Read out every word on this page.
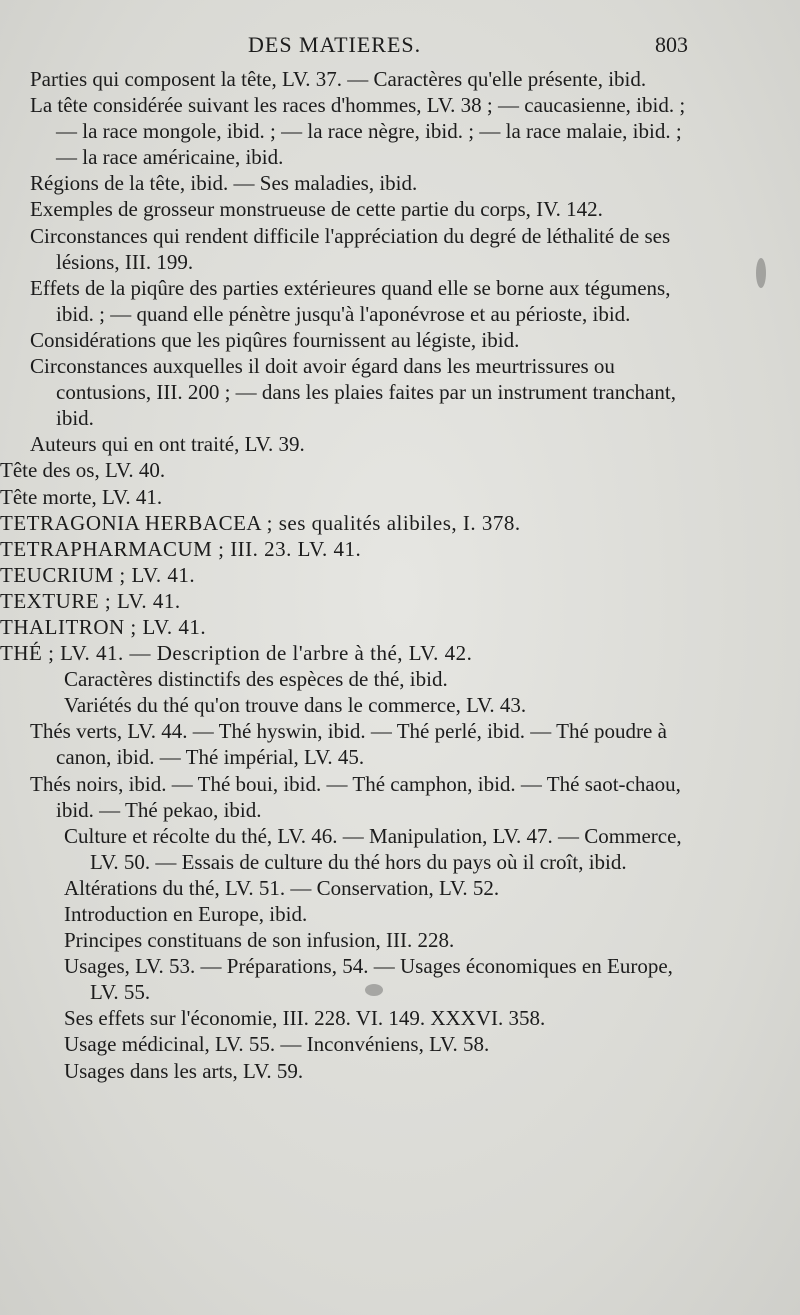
DES MATIERES.	803
Parties qui composent la tête, LV. 37. — Caractères qu'elle présente, ibid.
La tête considérée suivant les races d'hommes, LV. 38 ; — caucasienne, ibid. ; — la race mongole, ibid. ; — la race nègre, ibid. ; — la race malaie, ibid. ; — la race américaine, ibid.
Régions de la tête, ibid. — Ses maladies, ibid.
Exemples de grosseur monstrueuse de cette partie du corps, IV. 142.
Circonstances qui rendent difficile l'appréciation du degré de léthalité de ses lésions, III. 199.
Effets de la piqûre des parties extérieures quand elle se borne aux tégumens, ibid. ; — quand elle pénètre jusqu'à l'aponévrose et au périoste, ibid.
Considérations que les piqûres fournissent au légiste, ibid.
Circonstances auxquelles il doit avoir égard dans les meurtrissures ou contusions, III. 200 ; — dans les plaies faites par un instrument tranchant, ibid.
Auteurs qui en ont traité, LV. 39.
Tête des os, LV. 40.
Tête morte, LV. 41.
TETRAGONIA HERBACEA ; ses qualités alibiles, I. 378.
TETRAPHARMACUM ; III. 23. LV. 41.
TEUCRIUM ; LV. 41.
TEXTURE ; LV. 41.
THALITRON ; LV. 41.
THÉ ; LV. 41. — Description de l'arbre à thé, LV. 42.
Caractères distinctifs des espèces de thé, ibid.
Variétés du thé qu'on trouve dans le commerce, LV. 43.
Thés verts, LV. 44. — Thé hyswin, ibid. — Thé perlé, ibid. — Thé poudre à canon, ibid. — Thé impérial, LV. 45.
Thés noirs, ibid. — Thé boui, ibid. — Thé camphon, ibid. — Thé saot-chaou, ibid. — Thé pekao, ibid.
Culture et récolte du thé, LV. 46. — Manipulation, LV. 47. — Commerce, LV. 50. — Essais de culture du thé hors du pays où il croît, ibid.
Altérations du thé, LV. 51. — Conservation, LV. 52.
Introduction en Europe, ibid.
Principes constituans de son infusion, III. 228.
Usages, LV. 53. — Préparations, 54. — Usages économiques en Europe, LV. 55.
Ses effets sur l'économie, III. 228. VI. 149. XXXVI. 358.
Usage médicinal, LV. 55. — Inconvéniens, LV. 58.
Usages dans les arts, LV. 59.
